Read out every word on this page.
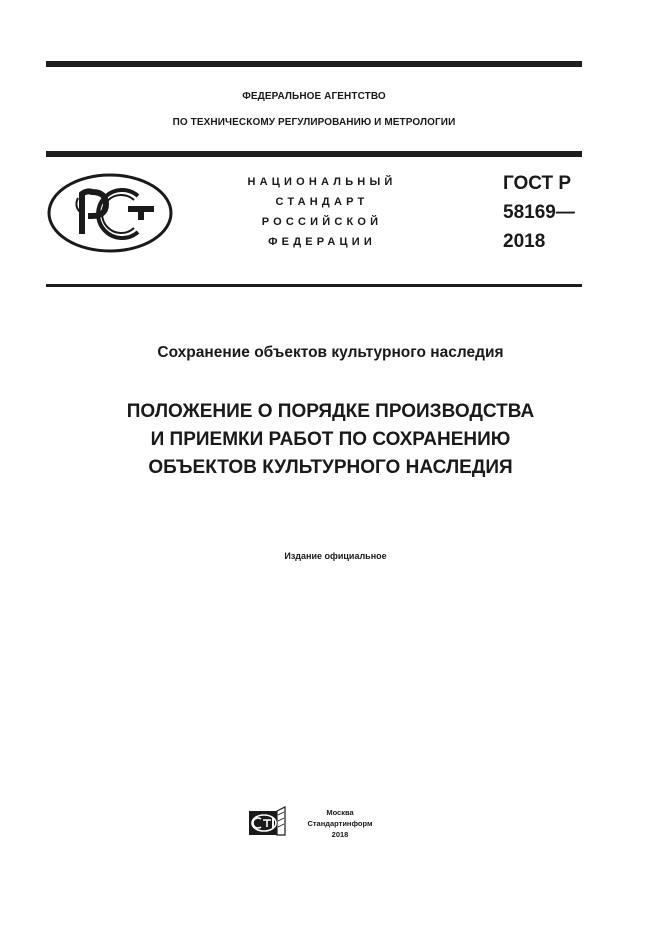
ФЕДЕРАЛЬНОЕ АГЕНТСТВО
ПО ТЕХНИЧЕСКОМУ РЕГУЛИРОВАНИЮ И МЕТРОЛОГИИ
НАЦИОНАЛЬНЫЙ
СТАНДАРТ
РОССИЙСКОЙ
ФЕДЕРАЦИИ
ГОСТ Р
58169—
2018
Сохранение объектов культурного наследия
ПОЛОЖЕНИЕ О ПОРЯДКЕ ПРОИЗВОДСТВА
И ПРИЕМКИ РАБОТ ПО СОХРАНЕНИЮ
ОБЪЕКТОВ КУЛЬТУРНОГО НАСЛЕДИЯ
Издание официальное
Москва
Стандартинформ
2018
